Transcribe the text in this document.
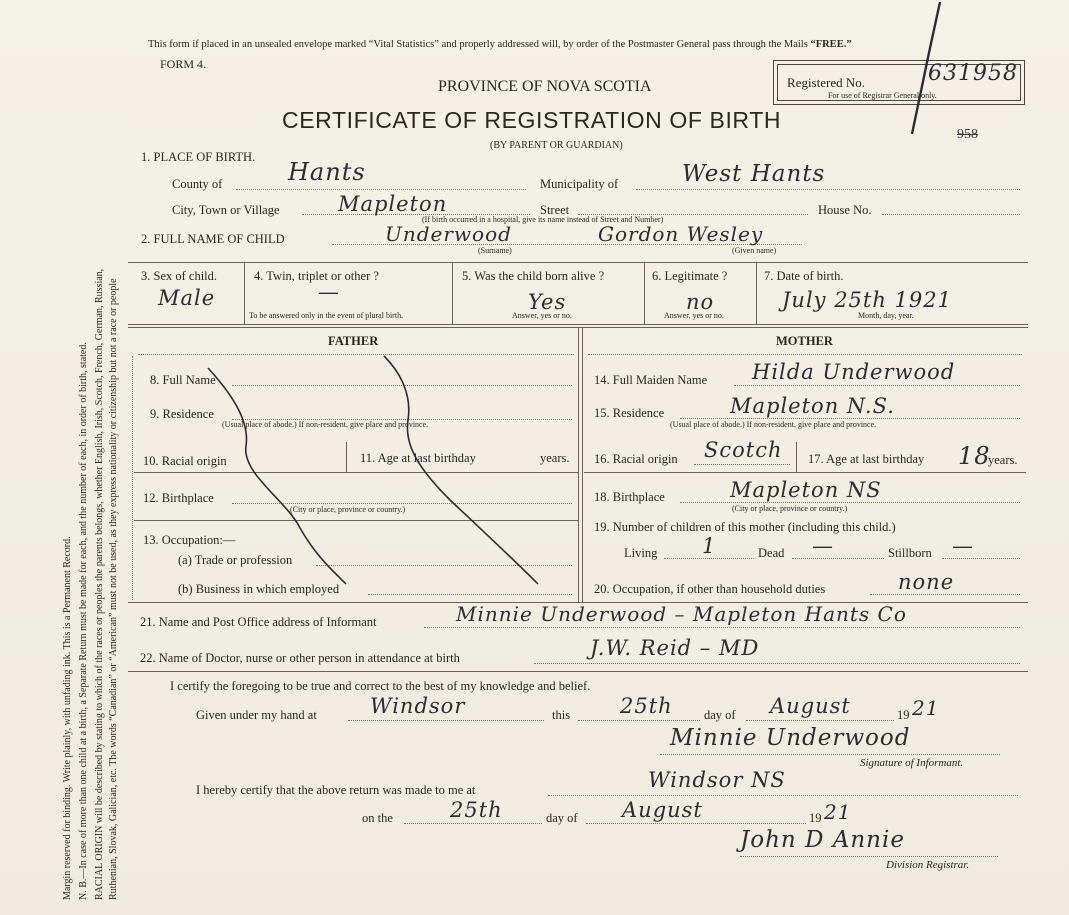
Margin reserved for binding. Write plainly, with unfading ink. This is a Permanent Record. N. B.—In case of more than one child at a birth, a Separate Return must be made for each, and the number of each, in order of birth, stated. RACIAL ORIGIN will be described by stating to which of the races or peoples the parents belongs, whether English, Irish, Scotch, French, German, Russian, Ruthenian, Slovak, Galician, etc. The words “Canadian” or “American” must not be used, as they express nationality or citizenship but not a race or people
This form if placed in an unsealed envelope marked “Vital Statistics” and properly addressed will, by order of the Postmaster General pass through the Mails “FREE.”
FORM 4.
PROVINCE OF NOVA SCOTIA
CERTIFICATE OF REGISTRATION OF BIRTH
(BY PARENT OR GUARDIAN)
Registered No.	631958
For use of Registrar General only.
958
1. PLACE OF BIRTH.
County of	Hants	Municipality of	West Hants
City, Town or Village	Mapleton	Street	House No.
(If birth occurred in a hospital, give its name instead of Street and Number)
2. FULL NAME OF CHILD	Underwood	Gordon Wesley
(Surname)	(Given name)
3. Sex of child.
Male
4. Twin, triplet or other ?
—
To be answered only in the event of plural birth.
5. Was the child born alive ?
Yes
Answer, yes or no.
6. Legitimate ?
no
Answer, yes or no.
7. Date of birth.
July 25th 1921
Month, day, year.
FATHER	MOTHER
8. Full Name
9. Residence
(Usual place of abode.) If non-resident, give place and province.
10. Racial origin	11. Age at last birthday	years.
12. Birthplace
(City or place, province or country.)
13. Occupation:—
(a) Trade or profession
(b) Business in which employed
14. Full Maiden Name Hilda Underwood
15. Residence	Mapleton N.S.
(Usual place of abode.) If non-resident, give place and province.
16. Racial origin Scotch 17. Age at last birthday 18
years.
18. Birthplace	Mapleton NS
(City or place, province or country.)
19. Number of children of this mother (including this child.)
Living 1	Dead —	Stillborn —
20. Occupation, if other than household duties	none
21. Name and Post Office address of Informant	Minnie Underwood – Mapleton Hants Co
22. Name of Doctor, nurse or other person in attendance at birth	J.W. Reid – MD
I certify the foregoing to be true and correct to the best of my knowledge and belief.
Given under my hand at	Windsor	this 25th	day of August	19 21
Minnie Underwood
Signature of Informant.
I hereby certify that the above return was made to me at	Windsor NS
on the	25th	day of August	19 21
John D Annie
Division Registrar.
